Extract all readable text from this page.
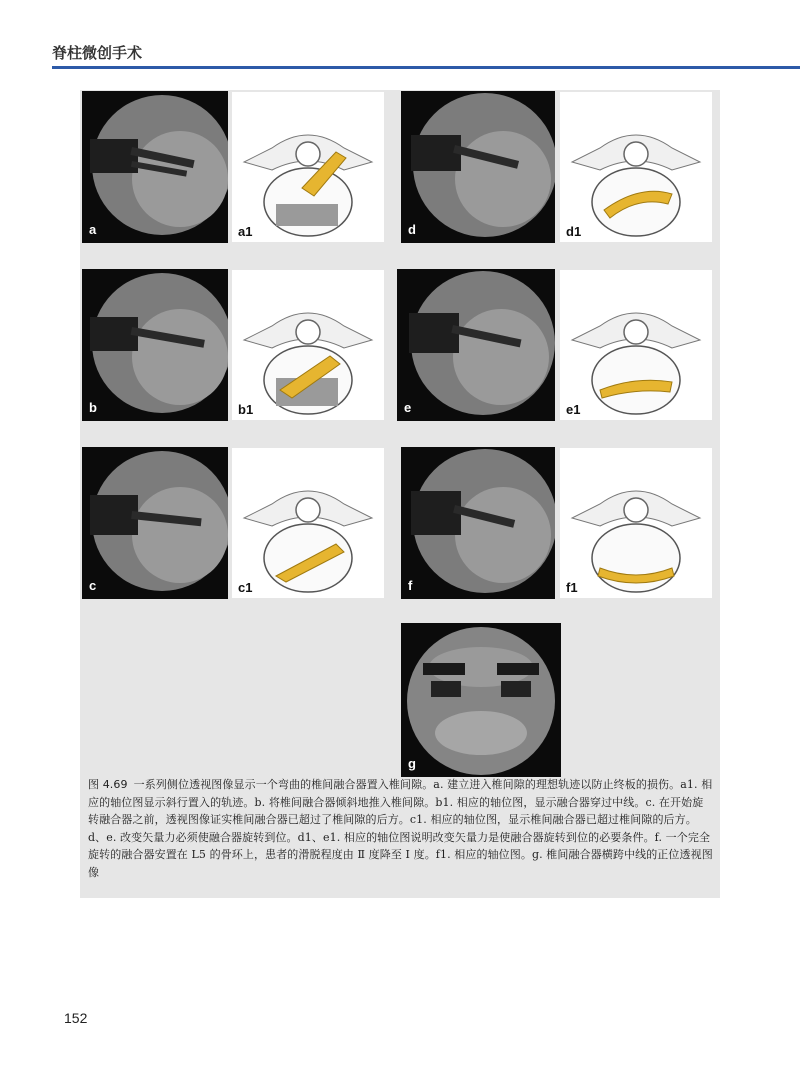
脊柱微创手术
a	a1	d	d1
b	b1	e	e1
c	c1	f	f1
g
图 4.69 一系列侧位透视图像显示一个弯曲的椎间融合器置入椎间隙。a. 建立进入椎间隙的理想轨迹以防止终板的损伤。a1. 相应的轴位图显示斜行置入的轨迹。b. 将椎间融合器倾斜地推入椎间隙。b1. 相应的轴位图，显示融合器穿过中线。c. 在开始旋转融合器之前，透视图像证实椎间融合器已超过了椎间隙的后方。c1. 相应的轴位图，显示椎间融合器已超过椎间隙的后方。d、e. 改变矢量力必须使融合器旋转到位。d1、e1. 相应的轴位图说明改变矢量力是使融合器旋转到位的必要条件。f. 一个完全旋转的融合器安置在 L5 的骨环上，患者的滑脱程度由 Ⅱ 度降至 Ⅰ 度。f1. 相应的轴位图。g. 椎间融合器横跨中线的正位透视图像
152
